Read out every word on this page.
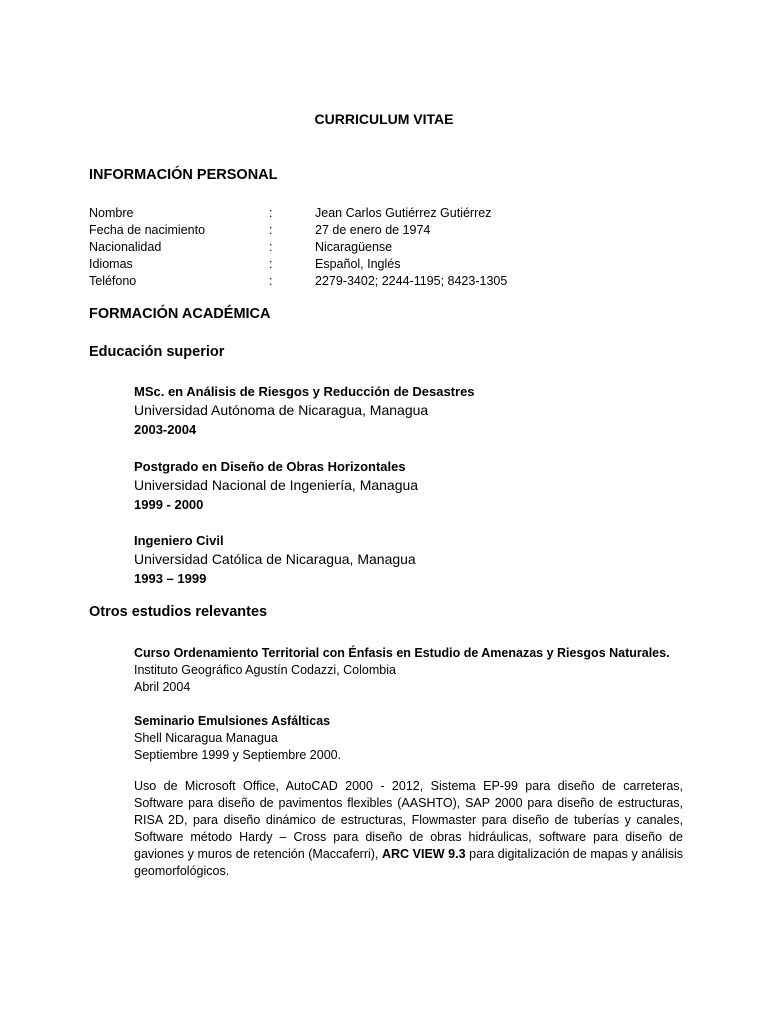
CURRICULUM VITAE
INFORMACIÓN PERSONAL
Nombre	:	Jean Carlos Gutiérrez Gutiérrez
Fecha de nacimiento	:	27 de enero de 1974
Nacionalidad	:	Nicaragüense
Idiomas	:	Español, Inglés
Teléfono	:	2279-3402; 2244-1195; 8423-1305
FORMACIÓN ACADÉMICA
Educación superior
MSc. en Análisis de Riesgos y Reducción de Desastres
Universidad Autónoma de Nicaragua, Managua
2003-2004
Postgrado en Diseño de Obras Horizontales
Universidad Nacional de Ingeniería, Managua
1999 - 2000
Ingeniero Civil
Universidad Católica de Nicaragua, Managua
1993 – 1999
Otros estudios relevantes
Curso Ordenamiento Territorial con Énfasis en Estudio de Amenazas y Riesgos Naturales.
Instituto Geográfico Agustín Codazzi, Colombia
Abril 2004
Seminario Emulsiones Asfálticas
Shell Nicaragua Managua
Septiembre 1999 y Septiembre 2000.
Uso de Microsoft Office, AutoCAD 2000 - 2012, Sistema EP-99 para diseño de carreteras, Software para diseño de pavimentos flexibles (AASHTO), SAP 2000 para diseño de estructuras, RISA 2D, para diseño dinámico de estructuras, Flowmaster para diseño de tuberías y canales, Software método Hardy – Cross para diseño de obras hidráulicas, software para diseño de gaviones y muros de retención (Maccaferri), ARC VIEW 9.3 para digitalización de mapas y análisis geomorfológicos.
